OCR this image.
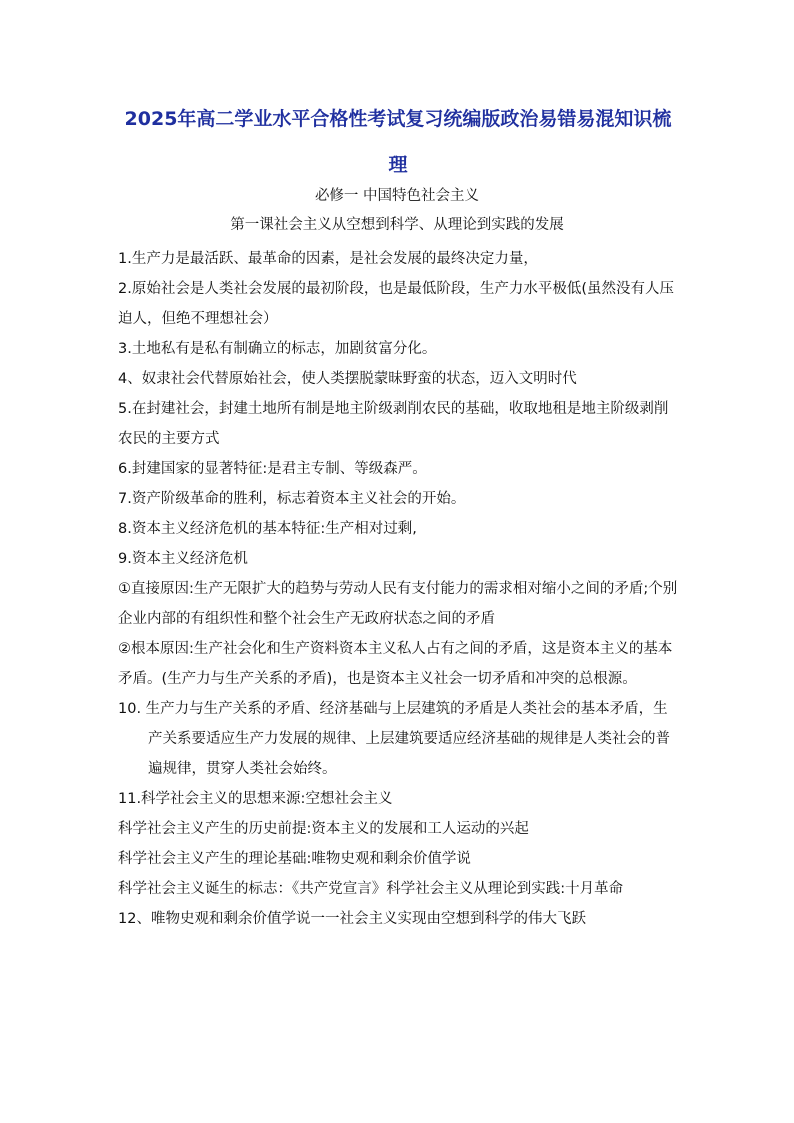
2025年高二学业水平合格性考试复习统编版政治易错易混知识梳理

必修一 中国特色社会主义

第一课社会主义从空想到科学、从理论到实践的发展

1.生产力是最活跃、最革命的因素，是社会发展的最终决定力量，

2.原始社会是人类社会发展的最初阶段，也是最低阶段，生产力水平极低(虽然没有人压迫人，但绝不理想社会）

3.土地私有是私有制确立的标志，加剧贫富分化。

4、奴隶社会代替原始社会，使人类摆脱蒙昧野蛮的状态，迈入文明时代

5.在封建社会，封建土地所有制是地主阶级剥削农民的基础，收取地租是地主阶级剥削农民的主要方式

6.封建国家的显著特征:是君主专制、等级森严。

7.资产阶级革命的胜利，标志着资本主义社会的开始。

8.资本主义经济危机的基本特征:生产相对过剩,

9.资本主义经济危机

①直接原因:生产无限扩大的趋势与劳动人民有支付能力的需求相对缩小之间的矛盾;个别企业内部的有组织性和整个社会生产无政府状态之间的矛盾

②根本原因:生产社会化和生产资料资本主义私人占有之间的矛盾，这是资本主义的基本矛盾。(生产力与生产关系的矛盾)，也是资本主义社会一切矛盾和冲突的总根源。

10. 生产力与生产关系的矛盾、经济基础与上层建筑的矛盾是人类社会的基本矛盾，生产关系要适应生产力发展的规律、上层建筑要适应经济基础的规律是人类社会的普遍规律，贯穿人类社会始终。

11.科学社会主义的思想来源:空想社会主义

科学社会主义产生的历史前提:资本主义的发展和工人运动的兴起

科学社会主义产生的理论基础:唯物史观和剩余价值学说

科学社会主义诞生的标志：《共产党宣言》科学社会主义从理论到实践:十月革命

12、唯物史观和剩余价值学说一一社会主义实现由空想到科学的伟大飞跃
